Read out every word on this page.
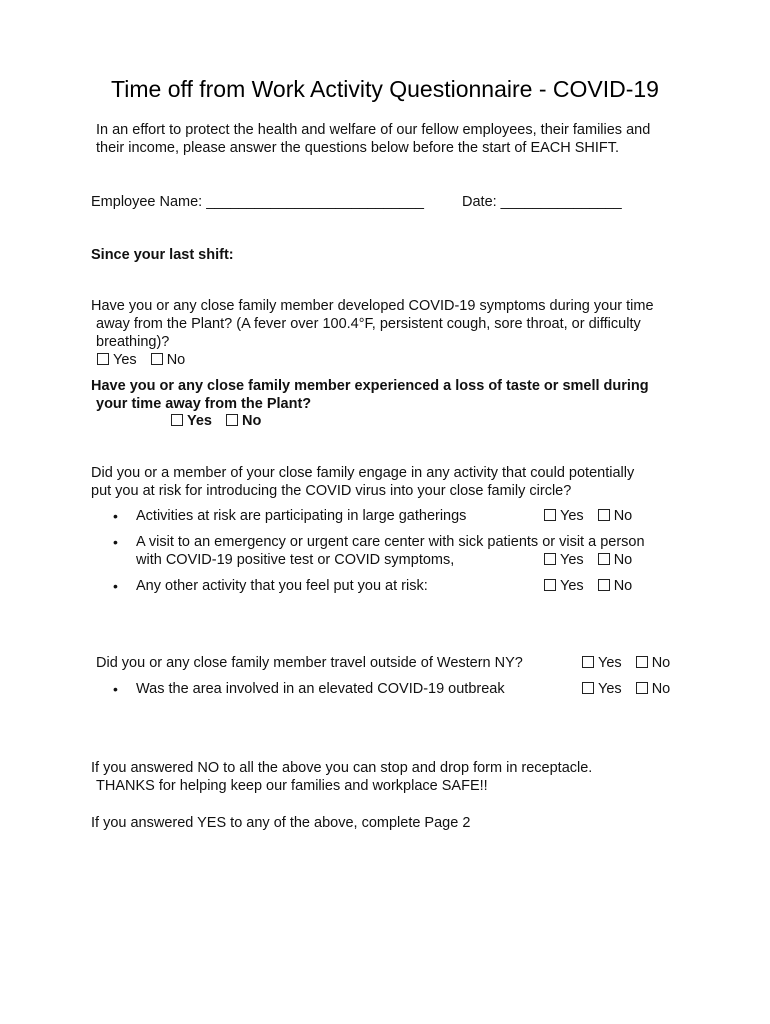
Time off from Work Activity Questionnaire - COVID-19
In an effort to protect the health and welfare of our fellow employees, their families and
their income, please answer the questions below before the start of EACH SHIFT.
Employee Name: ___________________________	Date: _______________
Since your last shift:
Have you or any close family member developed COVID-19 symptoms during your time
away from the Plant? (A fever over 100.4°F, persistent cough, sore throat, or difficulty
breathing)?
Yes No
Have you or any close family member experienced a loss of taste or smell during
your time away from the Plant?
Yes No
Did you or a member of your close family engage in any activity that could potentially
put you at risk for introducing the COVID virus into your close family circle?
• Activities at risk are participating in large gatherings	Yes No
• A visit to an emergency or urgent care center with sick patients or visit a person
with COVID-19 positive test or COVID symptoms,	Yes No
• Any other activity that you feel put you at risk:	Yes No
Did you or any close family member travel outside of Western NY?	Yes No
• Was the area involved in an elevated COVID-19 outbreak	Yes No
If you answered NO to all the above you can stop and drop form in receptacle.
THANKS for helping keep our families and workplace SAFE!!
If you answered YES to any of the above, complete Page 2
